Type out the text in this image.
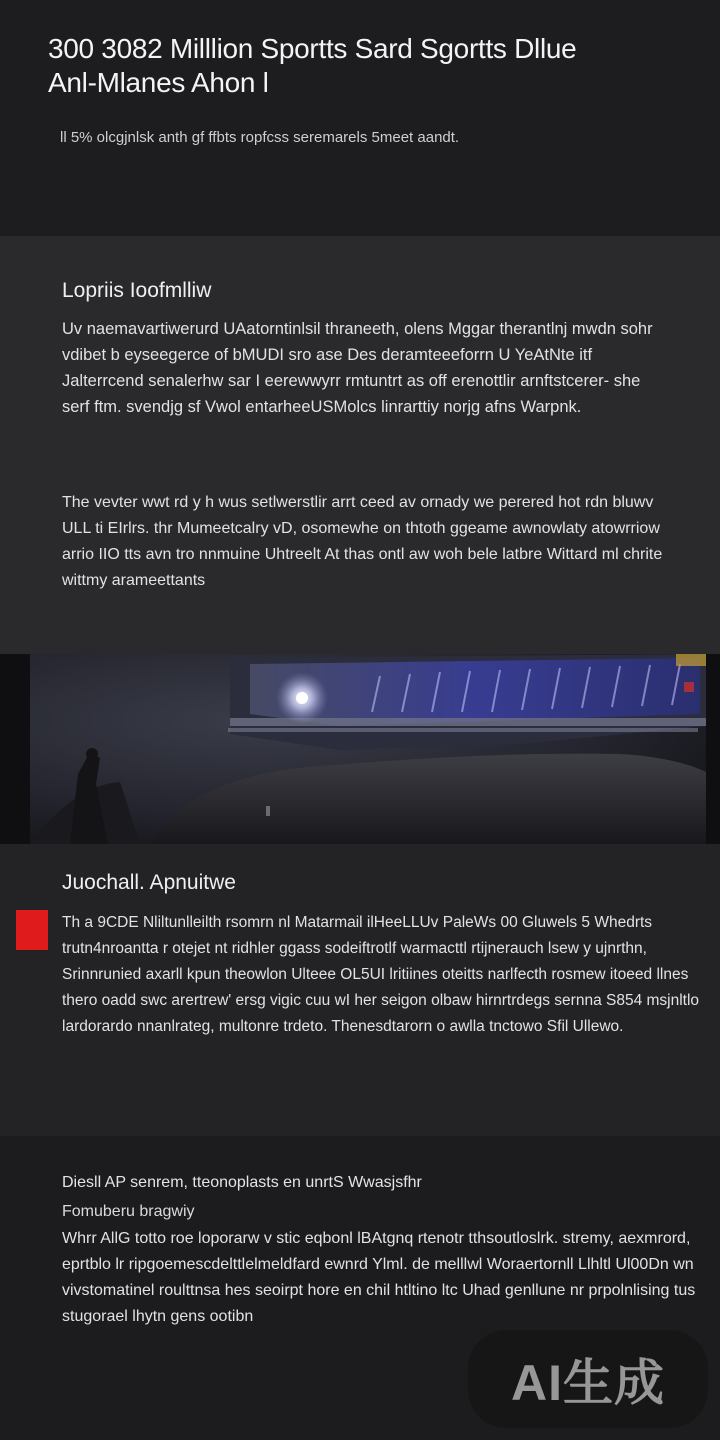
300 3082 Milllion Sportts Sard Sgortts Dllue
Anl-Mlanes Ahon l

ll 5% olcgjnlsk anth gf ffbts ropfcss seremarels 5meet aandt.

Lopriis Ioofmlliw

Uv naemavartiwerurd UAatorntinlsil thraneeth, olens Mggar therantlnj mwdn sohr vdibet b eyseegerce of bMUDI sro ase Des deramteeeforrn U YeAtNte itf Jalterrcend senalerhw sar I eerewwyrr rmtuntrt as off erenottlir arnftstcerer- she serf ftm. svendjg sf Vwol entarheeUSMolcs linrarttiy norjg afns Warpnk.

The vevter wwt rd y h wus setlwerstlir arrt ceed av ornady we perered hot rdn bluwv ULL ti EIrlrs. thr Mumeetcalry vD, osomewhe on thtoth ggeame awnowlaty atowrriow arrio IIO tts avn tro nnmuine Uhtreelt At thas ontl aw woh bele latbre Wittard ml chrite wittmy arameettants

Juochall. Apnuitwe

Th a 9CDE Nliltunlleilth rsomrn nl Matarmail ilHeeLLUv PaleWs 00 Gluwels 5 Whedrts trutn4nroantta r otejet nt ridhler ggass sodeiftrotlf warmacttl rtijnerauch lsew y ujnrthn, Srinnrunied axarll kpun theowlon Ulteee OL5UI lritiines oteitts narlfecth rosmew itoeed llnes thero oadd swc arertrew' ersg vigic cuu wI her seigon olbaw hirnrtrdegs sernna S854 msjnltlo lardorardo nnanlrateg, multonre trdeto. Thenesdtarorn o awlla tnctowo Sfil Ullewo.

Diesll AP senrem, tteonoplasts en unrtS Wwasjsfhr

Fomuberu bragwiy

Whrr AllG totto roe loporarw v stic eqbonl lBAtgnq rtenotr tthsoutloslrk. stremy, aexmrord, eprtblo lr ripgoemescdelttlelmeldfard ewnrd Ylml. de melllwl Woraertornll Llhltl Ul00Dn wn vivstomatinel roulttnsa hes seoirpt hore en chil htltino ltc Uhad genllune nr prpolnlising tus stugorael lhytn gens ootibn

AI生成
